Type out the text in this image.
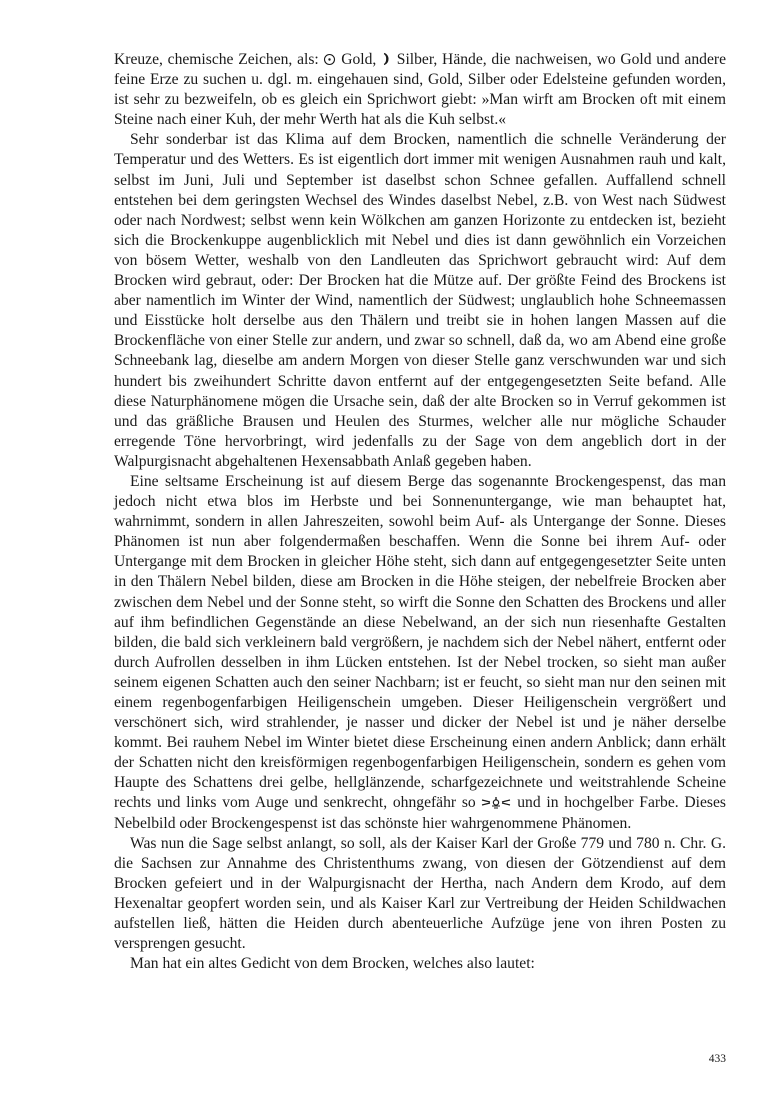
Kreuze, chemische Zeichen, als:  Gold,  Silber, Hände, die nachweisen, wo Gold und andere feine Erze zu suchen u. dgl. m. eingehauen sind, Gold, Silber oder Edelsteine gefunden worden, ist sehr zu bezweifeln, ob es gleich ein Sprichwort giebt: »Man wirft am Brocken oft mit einem Steine nach einer Kuh, der mehr Werth hat als die Kuh selbst.«

Sehr sonderbar ist das Klima auf dem Brocken, namentlich die schnelle Veränderung der Temperatur und des Wetters. Es ist eigentlich dort immer mit wenigen Ausnahmen rauh und kalt, selbst im Juni, Juli und September ist daselbst schon Schnee gefallen. Auffallend schnell entstehen bei dem geringsten Wechsel des Windes daselbst Nebel, z.B. von West nach Südwest oder nach Nordwest; selbst wenn kein Wölkchen am ganzen Horizonte zu entdecken ist, bezieht sich die Brockenkuppe augenblicklich mit Nebel und dies ist dann gewöhnlich ein Vorzeichen von bösem Wetter, weshalb von den Landleuten das Sprichwort gebraucht wird: Auf dem Brocken wird gebraut, oder: Der Brocken hat die Mütze auf. Der größte Feind des Brockens ist aber namentlich im Winter der Wind, namentlich der Südwest; unglaublich hohe Schneemassen und Eisstücke holt derselbe aus den Thälern und treibt sie in hohen langen Massen auf die Brockenfläche von einer Stelle zur andern, und zwar so schnell, daß da, wo am Abend eine große Schneebank lag, dieselbe am andern Morgen von dieser Stelle ganz verschwunden war und sich hundert bis zweihundert Schritte davon entfernt auf der entgegengesetzten Seite befand. Alle diese Naturphänomene mögen die Ursache sein, daß der alte Brocken so in Verruf gekommen ist und das gräßliche Brausen und Heulen des Sturmes, welcher alle nur mögliche Schauder erregende Töne hervorbringt, wird jedenfalls zu der Sage von dem angeblich dort in der Walpurgisnacht abgehaltenen Hexensabbath Anlaß gegeben haben.

Eine seltsame Erscheinung ist auf diesem Berge das sogenannte Brockengespenst, das man jedoch nicht etwa blos im Herbste und bei Sonnenuntergange, wie man behauptet hat, wahrnimmt, sondern in allen Jahreszeiten, sowohl beim Auf- als Untergange der Sonne. Dieses Phänomen ist nun aber folgendermaßen beschaffen. Wenn die Sonne bei ihrem Auf- oder Untergange mit dem Brocken in gleicher Höhe steht, sich dann auf entgegengesetzter Seite unten in den Thälern Nebel bilden, diese am Brocken in die Höhe steigen, der nebelfreie Brocken aber zwischen dem Nebel und der Sonne steht, so wirft die Sonne den Schatten des Brockens und aller auf ihm befindlichen Gegenstände an diese Nebelwand, an der sich nun riesenhafte Gestalten bilden, die bald sich verkleinern bald vergrößern, je nachdem sich der Nebel nähert, entfernt oder durch Aufrollen desselben in ihm Lücken entstehen. Ist der Nebel trocken, so sieht man außer seinem eigenen Schatten auch den seiner Nachbarn; ist er feucht, so sieht man nur den seinen mit einem regenbogenfarbigen Heiligenschein umgeben. Dieser Heiligenschein vergrößert und verschönert sich, wird strahlender, je nasser und dicker der Nebel ist und je näher derselbe kommt. Bei rauhem Nebel im Winter bietet diese Erscheinung einen andern Anblick; dann erhält der Schatten nicht den kreisförmigen regenbogenfarbigen Heiligenschein, sondern es gehen vom Haupte des Schattens drei gelbe, hellglänzende, scharfgezeichnete und weitstrahlende Scheine rechts und links vom Auge und senkrecht, ohngefähr so  und in hochgelber Farbe. Dieses Nebelbild oder Brockengespenst ist das schönste hier wahrgenommene Phänomen.

Was nun die Sage selbst anlangt, so soll, als der Kaiser Karl der Große 779 und 780 n. Chr. G. die Sachsen zur Annahme des Christenthums zwang, von diesen der Götzendienst auf dem Brocken gefeiert und in der Walpurgisnacht der Hertha, nach Andern dem Krodo, auf dem Hexenaltar geopfert worden sein, und als Kaiser Karl zur Vertreibung der Heiden Schildwachen aufstellen ließ, hätten die Heiden durch abenteuerliche Aufzüge jene von ihren Posten zu versprengen gesucht.

Man hat ein altes Gedicht von dem Brocken, welches also lautet:

433
